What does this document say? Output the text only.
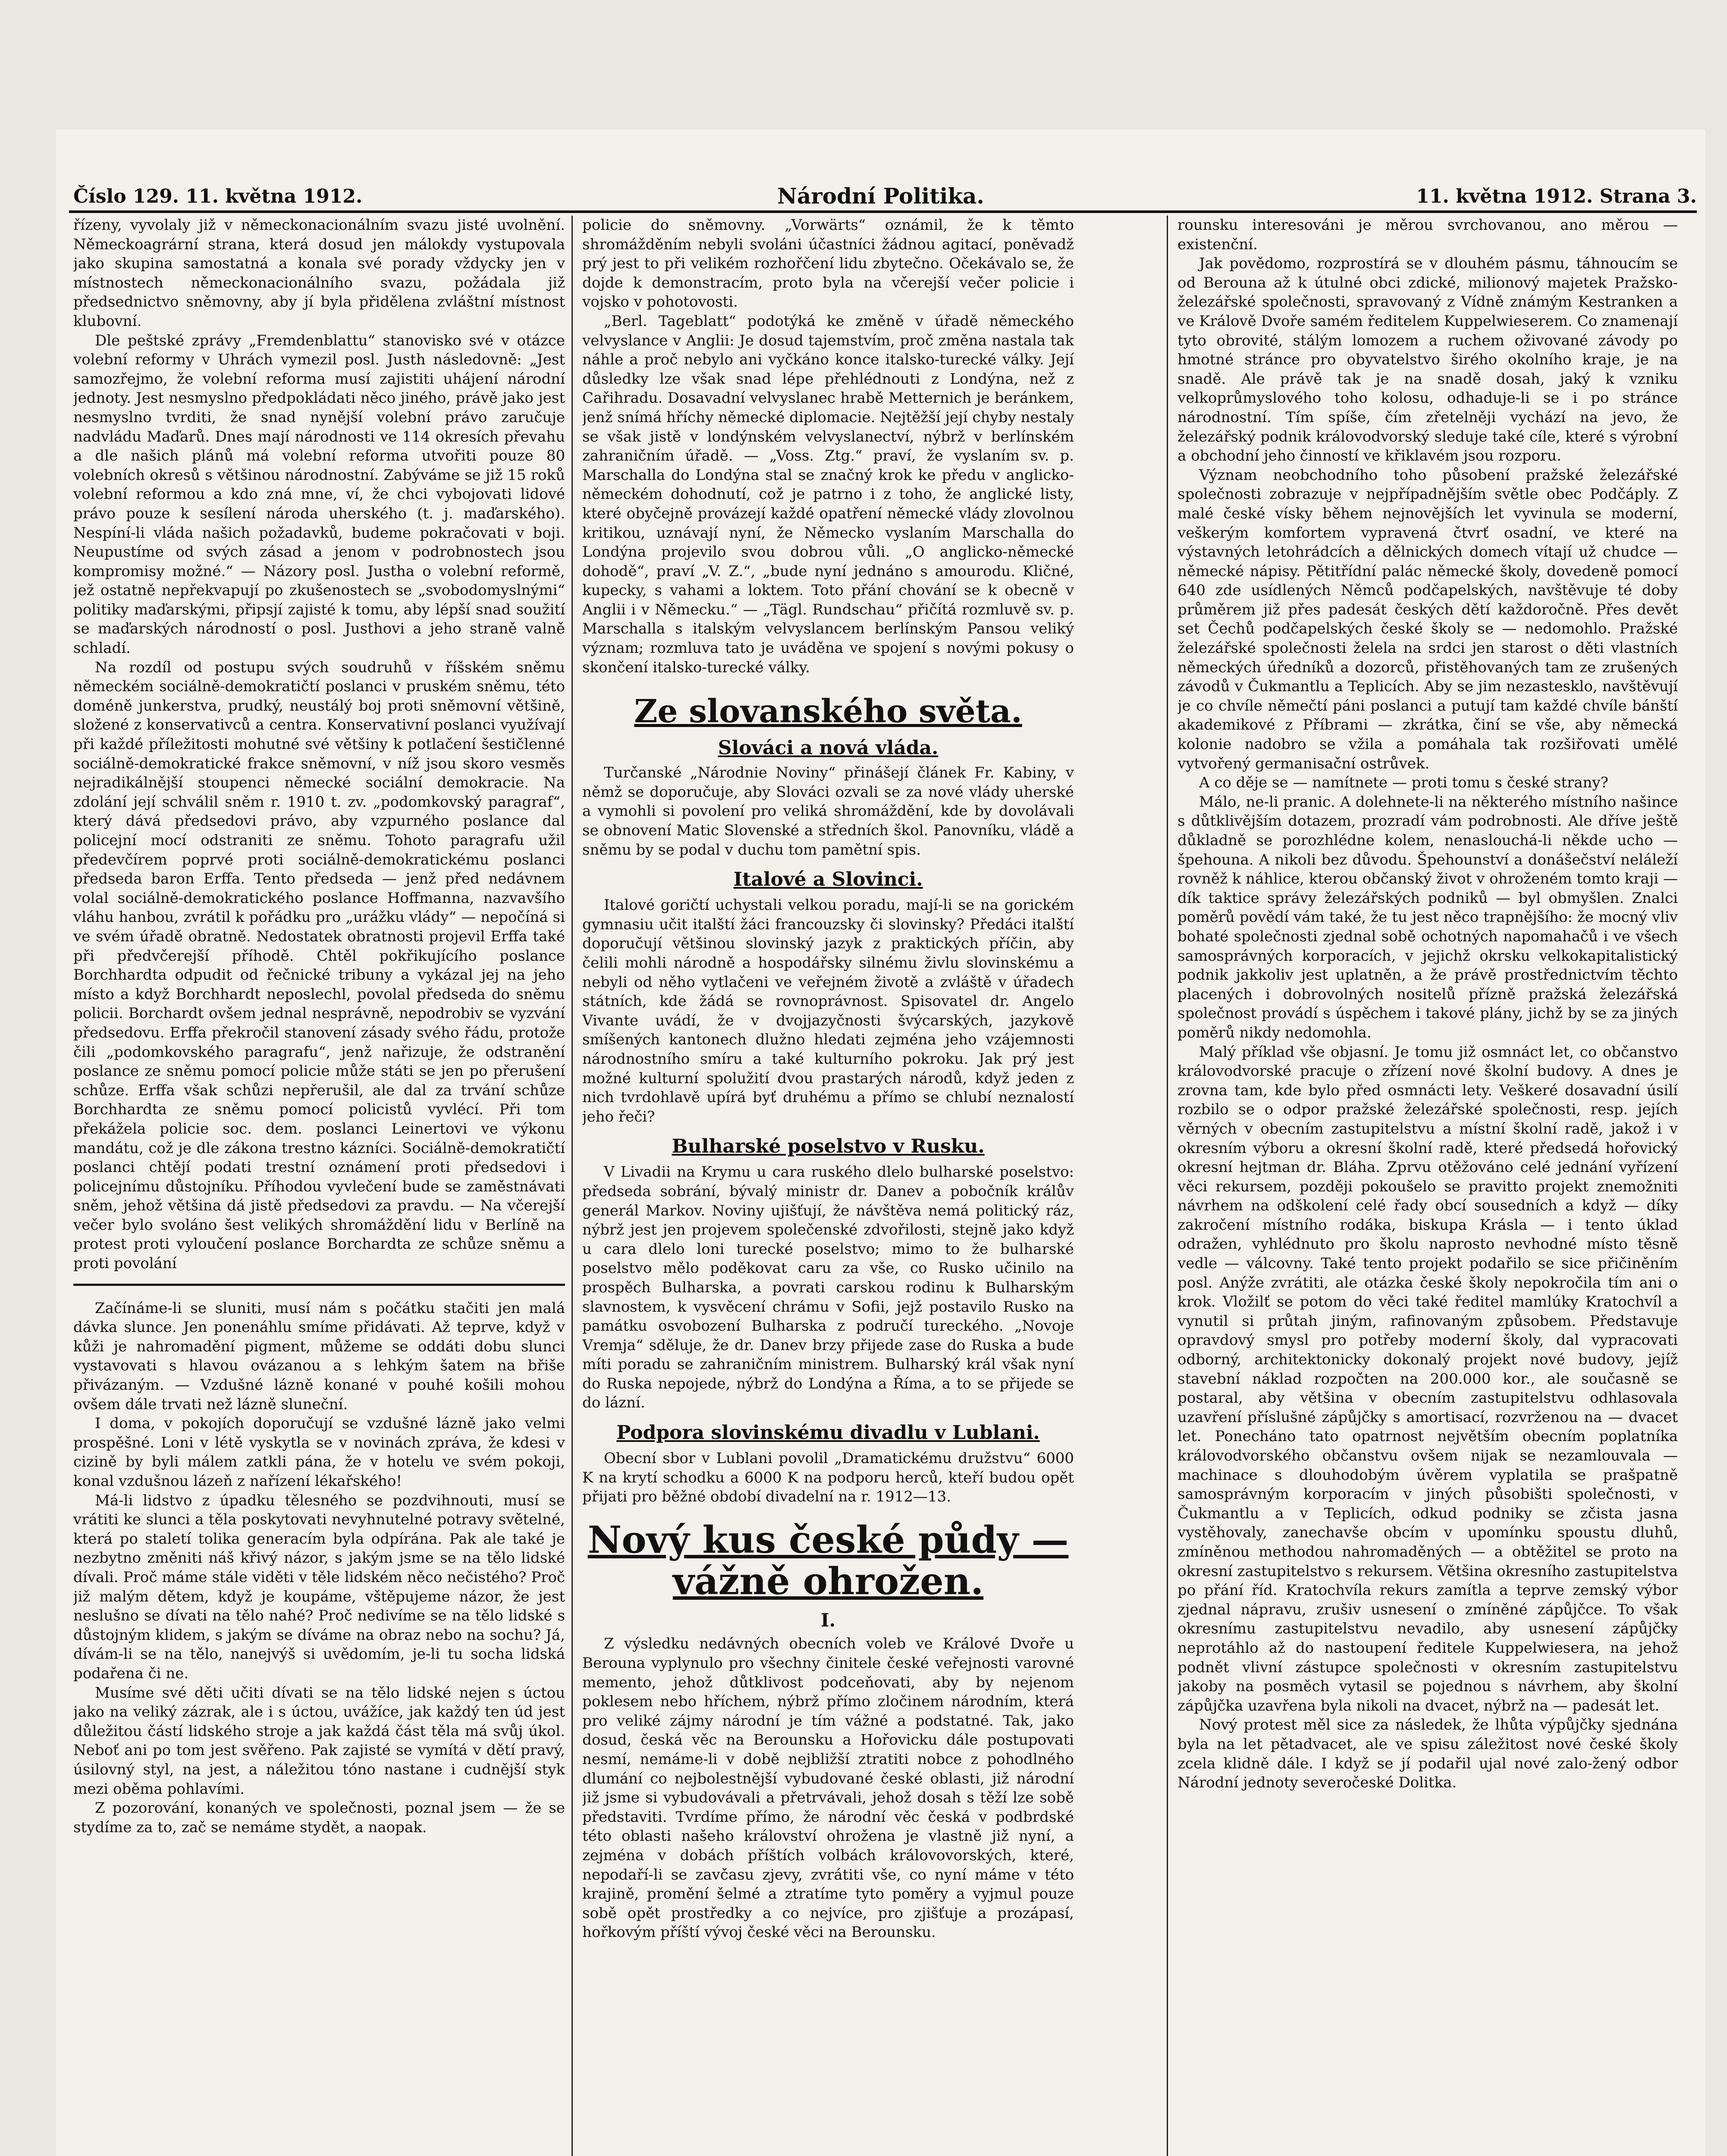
Číslo 129. 11. května 1912.	Národní Politika.	11. května 1912. Strana 3.

řízeny, vyvolaly již v německonacionálním svazu jisté uvolnění. Německoagrární strana, která dosud jen málokdy vystupovala jako skupina samostatná a konala své porady vždycky jen v místnostech německonacionálního svazu, požádala již předsednictvo sněmovny, aby jí byla přidělena zvláštní místnost klubovní.

Dle peštské zprávy „Fremdenblattu“ stanovisko své v otázce volební reformy v Uhrách vymezil posl. Justh následovně: „Jest samozřejmo, že volební reforma musí zajistiti uhájení národní jednoty. Jest nesmyslno předpokládati něco jiného, právě jako jest nesmyslno tvrditi, že snad nynější volební právo zaručuje nadvládu Maďarů. Dnes mají národnosti ve 114 okresích převahu a dle našich plánů má volební reforma utvořiti pouze 80 volebních okresů s většinou národnostní. Zabýváme se již 15 roků volební reformou a kdo zná mne, ví, že chci vybojovati lidové právo pouze k sesílení národa uherského (t. j. maďarského). Nespíní-li vláda našich požadavků, budeme pokračovati v boji. Neupustíme od svých zásad a jenom v podrobnostech jsou kompromisy možné.“ — Názory posl. Justha o volební reformě, jež ostatně nepřekvapují po zkušenostech se „svobodomyslnými“ politiky maďarskými, připsjí zajisté k tomu, aby lépší snad soužití se maďarských národností o posl. Justhovi a jeho straně valně schladí.

Na rozdíl od postupu svých soudruhů v říšském sněmu německém sociálně-demokratičtí poslanci v pruském sněmu, této doméně junkerstva, prudký, neustálý boj proti sněmovní většině, složené z konservativců a centra. Konservativní poslanci využívají při každé příležitosti mohutné své většiny k potlačení šestičlenné sociálně-demokratické frakce sněmovní, v níž jsou skoro vesměs nejradikálnější stoupenci německé sociální demokracie. Na zdolání její schválil sněm r. 1910 t. zv. „podomkovský paragraf“, který dává předsedovi právo, aby vzpurného poslance dal policejní mocí odstraniti ze sněmu. Tohoto paragrafu užil předevčírem poprvé proti sociálně-demokratickému poslanci předseda baron Erffa. Tento předseda — jenž před nedávnem volal sociálně-demokratického poslance Hoffmanna, nazvavšího vláhu hanbou, zvrátil k pořádku pro „urážku vlády“ — nepočíná si ve svém úřadě obratně. Nedostatek obratnosti projevil Erffa také při předvčerejší příhodě. Chtěl pokřikujícího poslance Borchhardta odpudit od řečnické tribuny a vykázal jej na jeho místo a když Borchhardt neposlechl, povolal předseda do sněmu policii. Borchardt ovšem jednal nesprávně, nepodrobiv se vyzvání předsedovu. Erffa překročil stanovení zásady svého řádu, protože čili „podomkovského paragrafu“, jenž nařizuje, že odstranění poslance ze sněmu pomocí policie může státi se jen po přerušení schůze. Erffa však schůzi nepřerušil, ale dal za trvání schůze Borchhardta ze sněmu pomocí policistů vyvlécí. Při tom překážela policie soc. dem. poslanci Leinertovi ve výkonu mandátu, což je dle zákona trestno kázníci. Sociálně-demokratičtí poslanci chtějí podati trestní oznámení proti předsedovi i policejnímu důstojníku. Příhodou vyvlečení bude se zaměstnávati sněm, jehož většina dá jistě předsedovi za pravdu. — Na včerejší večer bylo svoláno šest velikých shromáždění lidu v Berlíně na protest proti vyloučení poslance Borchardta ze schůze sněmu a proti povolání

Začínáme-li se sluniti, musí nám s počátku stačiti jen malá dávka slunce. Jen ponenáhlu smíme přidávati. Až teprve, když v kůži je nahromadění pigment, můžeme se oddáti dobu slunci vystavovati s hlavou ovázanou a s lehkým šatem na břiše přivázaným. — Vzdušné lázně konané v pouhé košili mohou ovšem dále trvati než lázně sluneční.

I doma, v pokojích doporučují se vzdušné lázně jako velmi prospěšné. Loni v létě vyskytla se v novinách zpráva, že kdesi v cizině by byli málem zatkli pána, že v hotelu ve svém pokoji, konal vzdušnou lázeň z nařízení lékařského!

Má-li lidstvo z úpadku tělesného se pozdvihnouti, musí se vrátiti ke slunci a těla poskytovati nevyhnutelné potravy světelné, která po staletí tolika generacím byla odpírána. Pak ale také je nezbytno změniti náš křivý názor, s jakým jsme se na tělo lidské dívali. Proč máme stále viděti v těle lidském něco nečistého? Proč již malým dětem, když je koupáme, vštěpujeme názor, že jest neslušno se dívati na tělo nahé? Proč nedivíme se na tělo lidské s důstojným klidem, s jakým se díváme na obraz nebo na sochu? Já, dívám-li se na tělo, nanejvýš si uvědomím, je-li tu socha lidská podařena či ne.

Musíme své děti učiti dívati se na tělo lidské nejen s úctou jako na veliký zázrak, ale i s úctou, uvážíce, jak každý ten úd jest důležitou částí lidského stroje a jak každá část těla má svůj úkol. Neboť ani po tom jest svěřeno. Pak zajisté se vymítá v dětí pravý, úsilovný styl, na jest, a náležitou tóno nastane i cudnější styk mezi oběma pohlavími.

Z pozorování, konaných ve společnosti, poznal jsem — že se stydíme za to, zač se nemáme stydět, a naopak.

policie do sněmovny. „Vorwärts“ oznámil, že k těmto shromážděním nebyli svoláni účastníci žádnou agitací, poněvadž prý jest to při velikém rozhořčení lidu zbytečno. Očekávalo se, že dojde k demonstracím, proto byla na včerejší večer policie i vojsko v pohotovosti.

„Berl. Tageblatt“ podotýká ke změně v úřadě německého velvyslance v Anglii: Je dosud tajemstvím, proč změna nastala tak náhle a proč nebylo ani vyčkáno konce italsko-turecké války. Její důsledky lze však snad lépe přehlédnouti z Londýna, než z Cařihradu. Dosavadní velvyslanec hrabě Metternich je beránkem, jenž snímá hříchy německé diplomacie. Nejtěžší její chyby nestaly se však jistě v londýnském velvyslanectví, nýbrž v berlínském zahraničním úřadě. — „Voss. Ztg.“ praví, že vyslaním sv. p. Marschalla do Londýna stal se značný krok ke předu v anglicko-německém dohodnutí, což je patrno i z toho, že anglické listy, které obyčejně provázejí každé opatření německé vlády zlovolnou kritikou, uznávají nyní, že Německo vyslaním Marschalla do Londýna projevilo svou dobrou vůli. „O anglicko-německé dohodě“, praví „V. Z.“, „bude nyní jednáno s amourodu. Kličné, kupecky, s vahami a loktem. Toto přání chování se k obecně v Anglii i v Německu.“ — „Tägl. Rundschau“ přičítá rozmluvě sv. p. Marschalla s italským velvyslancem berlínským Pansou veliký význam; rozmluva tato je uváděna ve spojení s novými pokusy o skončení italsko-turecké války.

Ze slovanského světa.
Slováci a nová vláda.

Turčanské „Národnie Noviny“ přinášejí článek Fr. Kabiny, v němž se doporučuje, aby Slováci ozvali se za nové vlády uherské a vymohli si povolení pro veliká shromáždění, kde by dovolávali se obnovení Matic Slovenské a středních škol. Panovníku, vládě a sněmu by se podal v duchu tom pamětní spis.

Italové a Slovinci.

Italové goričtí uchystali velkou poradu, mají-li se na gorickém gymnasiu učit italští žáci francouzsky či slovinsky? Předáci italští doporučují většinou slovinský jazyk z praktických příčin, aby čelili mohli národně a hospodářsky silnému živlu slovinskému a nebyli od něho vytlačeni ve veřejném životě a zvláště v úřadech státních, kde žádá se rovnoprávnost. Spisovatel dr. Angelo Vivante uvádí, že v dvojjazyčnosti švýcarských, jazykově smíšených kantonech dlužno hledati zejména jeho vzájemnosti národnostního smíru a také kulturního pokroku. Jak prý jest možné kulturní spolužití dvou prastarých národů, když jeden z nich tvrdohlavě upírá byť druhému a přímo se chlubí neznalostí jeho řeči?

Bulharské poselstvo v Rusku.

V Livadii na Krymu u cara ruského dlelo bulharské poselstvo: předseda sobrání, bývalý ministr dr. Danev a pobočník králův generál Markov. Noviny ujišťují, že návštěva nemá politický ráz, nýbrž jest jen projevem společenské zdvořilosti, stejně jako když u cara dlelo loni turecké poselstvo; mimo to že bulharské poselstvo mělo poděkovat caru za vše, co Rusko učinilo na prospěch Bulharska, a povrati carskou rodinu k Bulharským slavnostem, k vysvěcení chrámu v Sofii, jejž postavilo Rusko na památku osvobození Bulharska z područí tureckého. „Novoje Vremja“ sděluje, že dr. Danev brzy přijede zase do Ruska a bude míti poradu se zahraničním ministrem. Bulharský král však nyní do Ruska nepojede, nýbrž do Londýna a Říma, a to se přijede se do lázní.

Podpora slovinskému divadlu v Lublani.

Obecní sbor v Lublani povolil „Dramatickému družstvu“ 6000 K na krytí schodku a 6000 K na podporu herců, kteří budou opět přijati pro běžné období divadelní na r. 1912—13.

Nový kus české půdy — vážně ohrožen.
I.

Z výsledku nedávných obecních voleb ve Králové Dvoře u Berouna vyplynulo pro všechny činitele české veřejnosti varovné memento, jehož důtklivost podceňovati, aby by nejenom poklesem nebo hříchem, nýbrž přímo zločinem národním, která pro veliké zájmy národní je tím vážné a podstatné. Tak, jako dosud, česká věc na Berounsku a Hořovicku dále postupovati nesmí, nemáme-li v době nejbližší ztratiti nobce z pohodlného dlumání co nejbolestnější vybudované české oblasti, již národní již jsme si vybudovávali a přetrvávali, jehož dosah s těží lze sobě představiti. Tvrdíme přímo, že národní věc česká v podbrdské této oblasti našeho království ohrožena je vlastně již nyní, a zejména v dobách příštích volbách královovorských, které, nepodaří-li se zavčasu zjevy, zvrátiti vše, co nyní máme v této krajině, promění šelmé a ztratíme tyto poměry a vyjmul pouze sobě opět prostředky a co nejvíce, pro zjišťuje a prozápasí, hořkovým příští vývoj české věci na Berounsku.

rounsku interesováni je měrou svrchovanou, ano měrou — existenční.

Jak povědomo, rozprostírá se v dlouhém pásmu, táhnoucím se od Berouna až k útulné obci zdické, milionový majetek Pražsko-železářské společnosti, spravovaný z Vídně známým Kestranken a ve Králově Dvoře samém ředitelem Kuppelwieserem. Co znamenají tyto obrovité, stálým lomozem a ruchem oživované závody po hmotné stránce pro obyvatelstvo širého okolního kraje, je na snadě. Ale právě tak je na snadě dosah, jaký k vzniku velkoprůmyslového toho kolosu, odhaduje-li se i po stránce národnostní. Tím spíše, čím zřetelněji vychází na jevo, že železářský podnik královodvorský sleduje také cíle, které s výrobní a obchodní jeho činností ve křiklavém jsou rozporu.

Význam neobchodního toho působení pražské železářské společnosti zobrazuje v nejpřípadnějším světle obec Podčáply. Z malé české vísky během nejnovějších let vyvinula se moderní, veškerým komfortem vypravená čtvrť osadní, ve které na výstavných letohrádcích a dělnických domech vítají už chudce — německé nápisy. Pětitřídní palác německé školy, dovedeně pomocí 640 zde usídlených Němců podčapelských, navštěvuje té doby průměrem již přes padesát českých dětí každoročně. Přes devět set Čechů podčapelských české školy se — nedomohlo. Pražské železářské společnosti želela na srdci jen starost o děti vlastních německých úředníků a dozorců, přistěhovaných tam ze zrušených závodů v Čukmantlu a Teplicích. Aby se jim nezastesklo, navštěvují je co chvíle němečtí páni poslanci a putují tam každé chvíle bánští akademikové z Příbrami — zkrátka, činí se vše, aby německá kolonie nadobro se vžila a pomáhala tak rozšiřovati umělé vytvořený germanisační ostrůvek.

A co děje se — namítnete — proti tomu s české strany?

Málo, ne-li pranic. A dolehnete-li na některého místního našince s důtklivějším dotazem, prozradí vám podrobnosti. Ale dříve ještě důkladně se porozhlédne kolem, nenaslouchá-li někde ucho — špehouna. A nikoli bez důvodu. Špehounství a donášečství neláleží rovněž k náhlice, kterou občanský život v ohroženém tomto kraji — dík taktice správy železářských podniků — byl obmyšlen. Znalci poměrů povědí vám také, že tu jest něco trapnějšího: že mocný vliv bohaté společnosti zjednal sobě ochotných napomahačů i ve všech samosprávných korporacích, v jejichž okrsku velkokapitalistický podnik jakkoliv jest uplatněn, a že právě prostřednictvím těchto placených i dobrovolných nositelů přízně pražská železářská společnost provádí s úspěchem i takové plány, jichž by se za jiných poměrů nikdy nedomohla.

Malý příklad vše objasní. Je tomu již osmnáct let, co občanstvo královodvorské pracuje o zřízení nové školní budovy. A dnes je zrovna tam, kde bylo před osmnácti lety. Veškeré dosavadní úsilí rozbilo se o odpor pražské železářské společnosti, resp. jejích věrných v obecním zastupitelstvu a místní školní radě, jakož i v okresním výboru a okresní školní radě, které předsedá hořovický okresní hejtman dr. Bláha. Zprvu otěžováno celé jednání vyřízení věci rekursem, později pokoušelo se pravitto projekt znemožniti návrhem na odškolení celé řady obcí sousedních a když — díky zakročení místního rodáka, biskupa Krásla — i tento úklad odražen, vyhlédnuto pro školu naprosto nevhodné místo těsně vedle — válcovny. Také tento projekt podařilo se sice přičiněním posl. Anýže zvrátiti, ale otázka české školy nepokročila tím ani o krok. Vložilť se potom do věci také ředitel mamlúky Kratochvíl a vynutil si průtah jiným, rafinovaným způsobem. Představuje opravdový smysl pro potřeby moderní školy, dal vypracovati odborný, architektonicky dokonalý projekt nové budovy, jejíž stavební náklad rozpočten na 200.000 kor., ale současně se postaral, aby většina v obecním zastupitelstvu odhlasovala uzavření příslušné zápůjčky s amortisací, rozvrženou na — dvacet let. Ponecháno tato opatrnost největším obecním poplatníka královodvorského občanstvu ovšem nijak se nezamlouvala — machinace s dlouhodobým úvěrem vyplatila se prašpatně samosprávným korporacím v jiných působišti společnosti, v Čukmantlu a v Teplicích, odkud podniky se zčista jasna vystěhovaly, zanechavše obcím v upomínku spoustu dluhů, zmíněnou methodou nahromaděných — a obtěžitel se proto na okresní zastupitelstvo s rekursem. Většina okresního zastupitelstva po přání říd. Kratochvíla rekurs zamítla a teprve zemský výbor zjednal nápravu, zrušiv usnesení o zmíněné zápůjčce. To však okresnímu zastupitelstvu nevadilo, aby usnesení zápůjčky neprotáhlo až do nastoupení ředitele Kuppelwiesera, na jehož podnět vlivní zástupce společnosti v okresním zastupitelstvu jakoby na posměch vytasil se pojednou s návrhem, aby školní zápůjčka uzavřena byla nikoli na dvacet, nýbrž na — padesát let.

Nový protest měl sice za následek, že lhůta výpůjčky sjednána byla na let pětadvacet, ale ve spisu záležitost nové české školy zcela klidně dále. I když se jí podařil ujal nové zalo-žený odbor Národní jednoty severočeské Dolitka.
